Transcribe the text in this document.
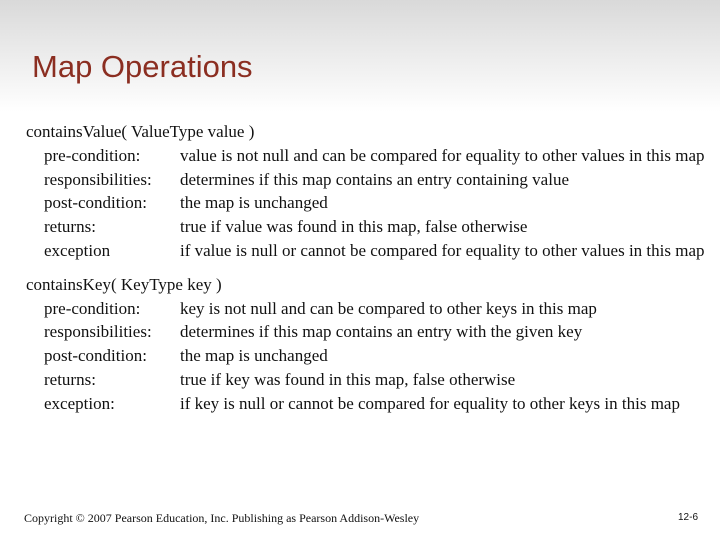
Map Operations
containsValue( ValueType value )
pre-condition:	value is not null and can be compared for equality to other values in this map
responsibilities:	determines if this map contains an entry containing value
post-condition:	the map is unchanged
returns:	true if value was found in this map, false otherwise
exception	if value is null or cannot be compared for equality to other values in this map
containsKey( KeyType key )
pre-condition:	key is not null and can be compared to other keys in this map
responsibilities:	determines if this map contains an entry with the given key
post-condition:	the map is unchanged
returns:	true if key was found in this map, false otherwise
exception:	if key is null or cannot be compared for equality to other keys in this map
Copyright © 2007 Pearson Education, Inc. Publishing as Pearson Addison-Wesley	12-6
